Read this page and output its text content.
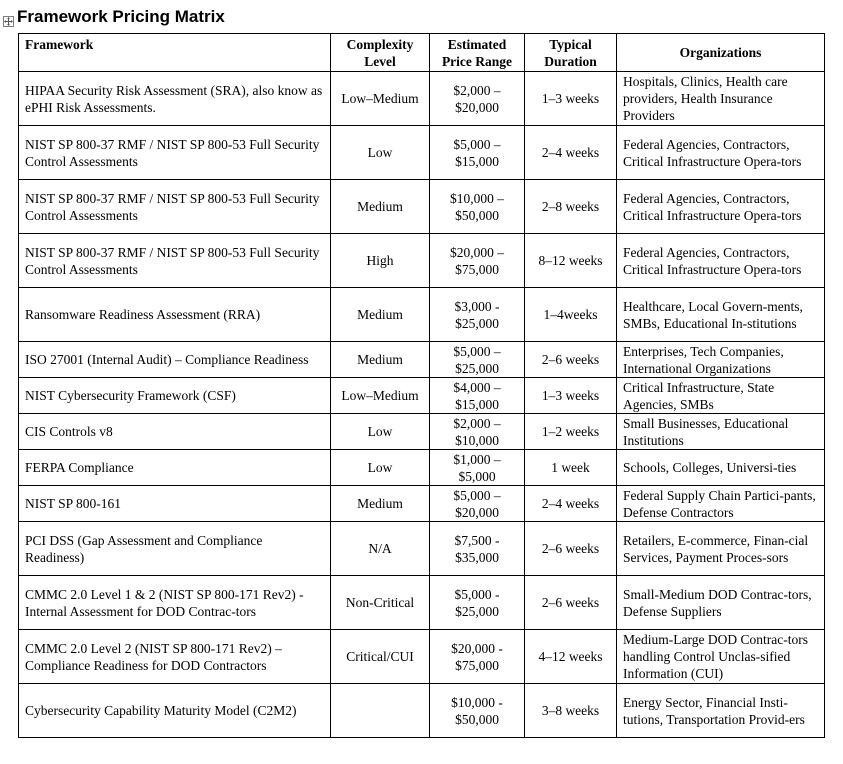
Framework Pricing Matrix
Framework	Complexity Level	Estimated Price Range	Typical Duration	Organizations
HIPAA Security Risk Assessment (SRA), also know as ePHI Risk Assessments.	Low–Medium	$2,000 – $20,000	1–3 weeks	Hospitals, Clinics, Health care providers, Health Insurance Providers
NIST SP 800-37 RMF / NIST SP 800-53 Full Security Control Assessments	Low	$5,000 – $15,000	2–4 weeks	Federal Agencies, Contractors, Critical Infrastructure Opera-tors
NIST SP 800-37 RMF / NIST SP 800-53 Full Security Control Assessments	Medium	$10,000 – $50,000	2–8 weeks	Federal Agencies, Contractors, Critical Infrastructure Opera-tors
NIST SP 800-37 RMF / NIST SP 800-53 Full Security Control Assessments	High	$20,000 – $75,000	8–12 weeks	Federal Agencies, Contractors, Critical Infrastructure Opera-tors
Ransomware Readiness Assessment (RRA)	Medium	$3,000 - $25,000	1–4weeks	Healthcare, Local Govern-ments, SMBs, Educational In-stitutions
ISO 27001 (Internal Audit) – Compliance Readiness	Medium	$5,000 – $25,000	2–6 weeks	Enterprises, Tech Companies, International Organizations
NIST Cybersecurity Framework (CSF)	Low–Medium	$4,000 – $15,000	1–3 weeks	Critical Infrastructure, State Agencies, SMBs
CIS Controls v8	Low	$2,000 – $10,000	1–2 weeks	Small Businesses, Educational Institutions
FERPA Compliance	Low	$1,000 – $5,000	1 week	Schools, Colleges, Universi-ties
NIST SP 800-161	Medium	$5,000 – $20,000	2–4 weeks	Federal Supply Chain Partici-pants, Defense Contractors
PCI DSS (Gap Assessment and Compliance Readiness)	N/A	$7,500 - $35,000	2–6 weeks	Retailers, E-commerce, Finan-cial Services, Payment Proces-sors
CMMC 2.0 Level 1 & 2 (NIST SP 800-171 Rev2) - Internal Assessment for DOD Contrac-tors	Non-Critical	$5,000 - $25,000	2–6 weeks	Small-Medium DOD Contrac-tors, Defense Suppliers
CMMC 2.0 Level 2 (NIST SP 800-171 Rev2) – Compliance Readiness for DOD Contractors	Critical/CUI	$20,000 - $75,000	4–12 weeks	Medium-Large DOD Contrac-tors handling Control Unclas-sified Information (CUI)
Cybersecurity Capability Maturity Model (C2M2)		$10,000 - $50,000	3–8 weeks	Energy Sector, Financial Insti-tutions, Transportation Provid-ers
